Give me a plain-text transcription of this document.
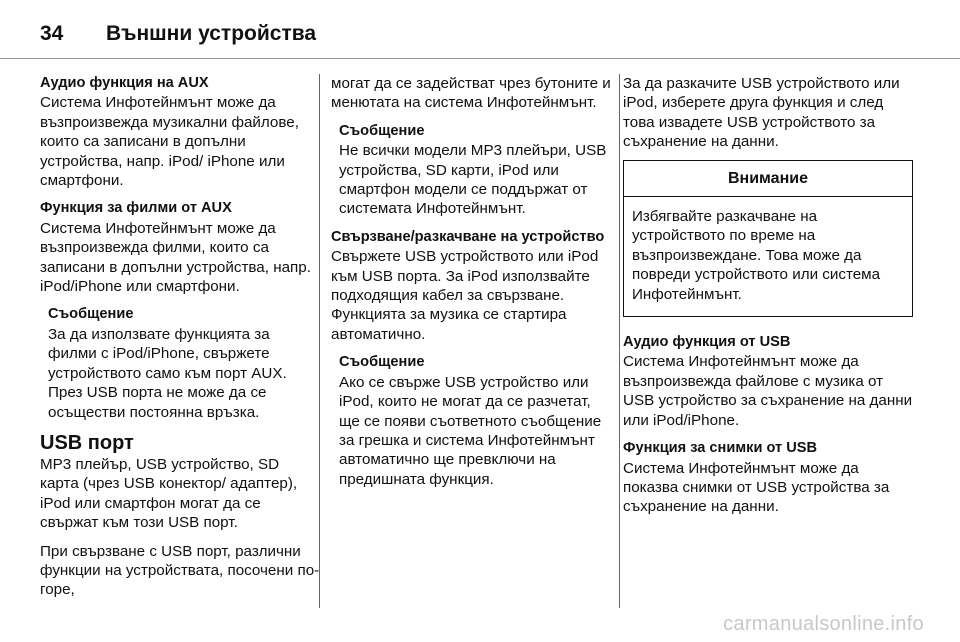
34	Външни устройства

Аудио функция на AUX

Система Инфотейнмънт може да възпроизвежда музикални файлове, които са записани в допълни устройства, напр. iPod/ iPhone или смартфони.

Функция за филми от AUX

Система Инфотейнмънт може да възпроизвежда филми, които са записани в допълни устройства, напр. iPod/iPhone или смартфони.

Съобщение

За да използвате функцията за филми с iPod/iPhone, свържете устройството само към порт AUX. През USB порта не може да се осъществи постоянна връзка.

USB порт

MP3 плейър, USB устройство, SD карта (чрез USB конектор/ адаптер), iPod или смартфон могат да се свържат към този USB порт.

При свързване с USB порт, различни функции на устройствата, посочени по-горе,

могат да се задействат чрез бутоните и менютата на система Инфотейнмънт.

Съобщение

Не всички модели MP3 плейъри, USB устройства, SD карти, iPod или смартфон модели се поддържат от системата Инфотейнмънт.

Свързване/разкачване на устройство

Свържете USB устройството или iPod към USB порта. За iPod използвайте подходящия кабел за свързване. Функцията за музика се стартира автоматично.

Съобщение

Ако се свърже USB устройство или iPod, които не могат да се разчетат, ще се появи съответното съобщение за грешка и система Инфотейнмънт автоматично ще превключи на предишната функция.

За да разкачите USB устройството или iPod, изберете друга функция и след това извадете USB устройството за съхранение на данни.

Внимание
Избягвайте разкачване на устройството по време на възпроизвеждане. Това може да повреди устройството или система Инфотейнмънт.

Аудио функция от USB

Система Инфотейнмънт може да възпроизвежда файлове с музика от USB устройство за съхранение на данни или iPod/iPhone.

Функция за снимки от USB

Система Инфотейнмънт може да показва снимки от USB устройства за съхранение на данни.

carmanualsonline.info
